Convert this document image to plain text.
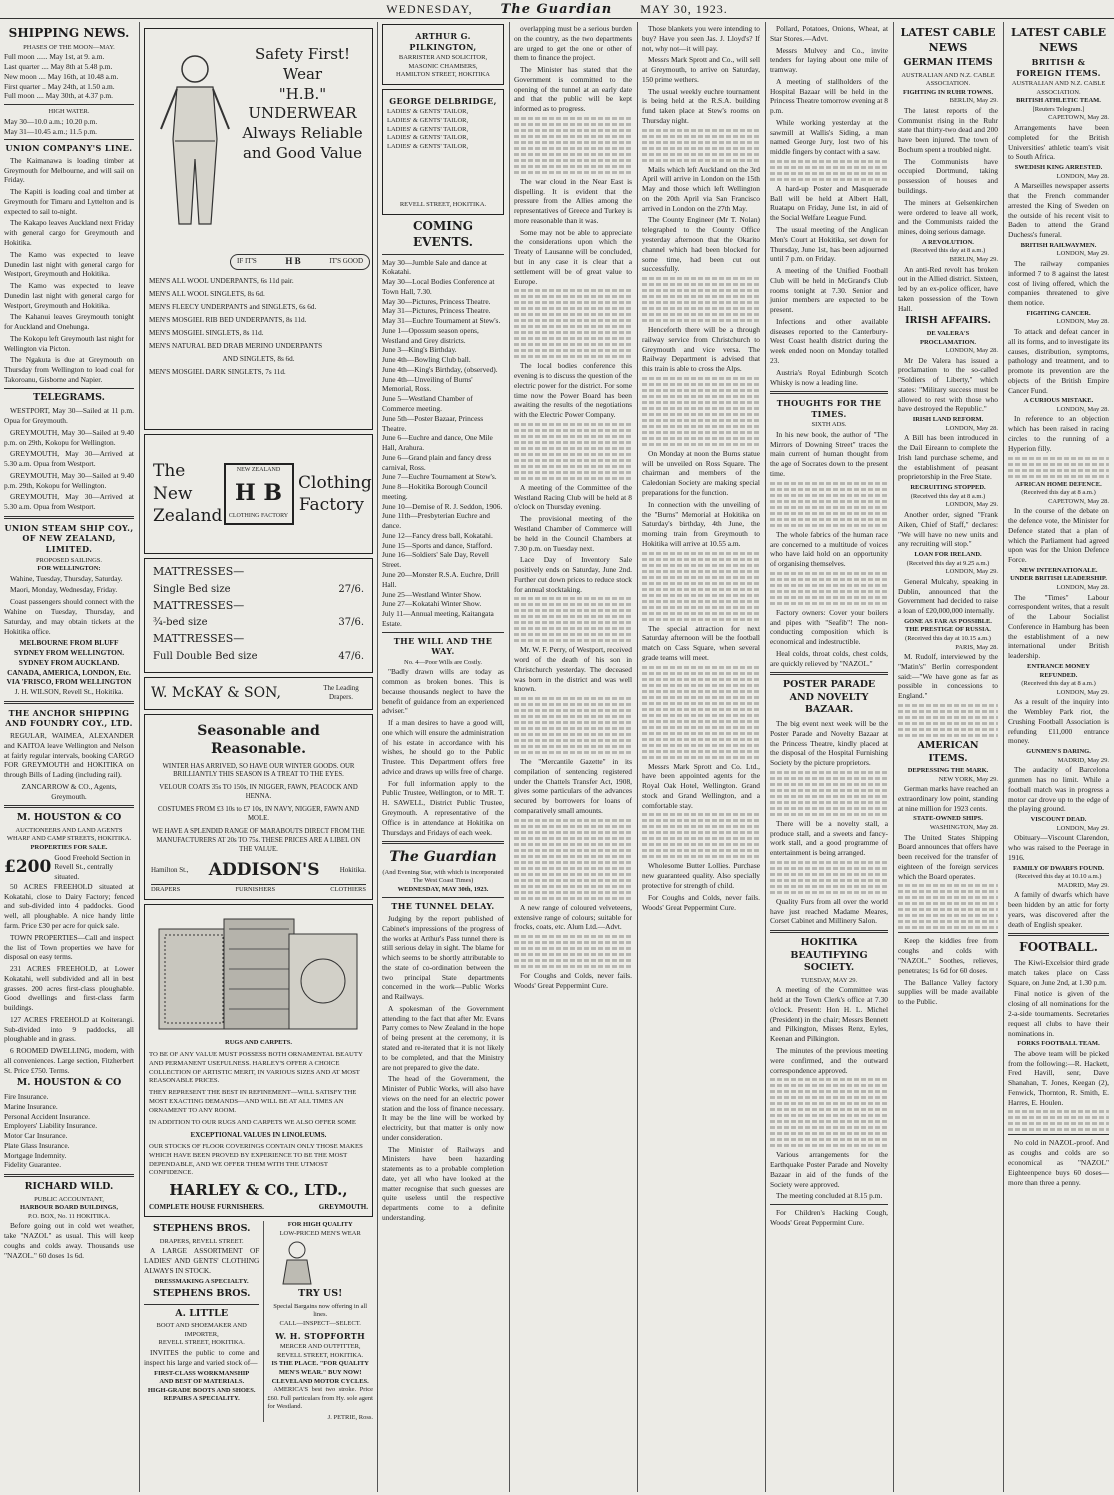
WEDNESDAY, The Guardian MAY 30, 1923.
SHIPPING NEWS.
PHASES OF THE MOON—MAY.
Full moon ...... May 1st, at 9. a.m.
Last quarter .... May 8th at 5.48 p.m.
New moon .... May 16th, at 10.48 a.m.
First quarter .. May 24th, at 1.50 a.m.
Full moon .... May 30th, at 4.37 p.m.
HIGH WATER.
May 30—10.0 a.m.; 10.20 p.m.
May 31—10.45 a.m.; 11.5 p.m.
UNION COMPANY'S LINE.

The Kaimanawa is loading timber at Greymouth for Melbourne, and will sail on Friday.

The Kapiti is loading coal and timber at Greymouth for Timaru and Lyttelton and is expected to sail to-night.

The Kakapo leaves Auckland next Friday with general cargo for Greymouth and Hokitika.

The Kamo was expected to leave Dunedin last night with general cargo for Westport, Greymouth and Hokitika.

The Kamo was expected to leave Dunedin last night with general cargo for Westport, Greymouth and Hokitika.

The Kahanui leaves Greymouth tonight for Auckland and Onehunga.

The Kokopu left Greymouth last night for Wellington via Picton.

The Ngakuta is due at Greymouth on Thursday from Wellington to load coal for Takoroanu, Gisborne and Napier.

TELEGRAMS.

WESTPORT, May 30—Sailed at 11 p.m. Opua for Greymouth.

GREYMOUTH, May 30—Sailed at 9.40 p.m. on 29th, Kokopu for Wellington.

GREYMOUTH, May 30—Arrived at 5.30 a.m. Opua from Westport.

GREYMOUTH, May 30—Sailed at 9.40 p.m. 29th, Kokopu for Wellington.

GREYMOUTH, May 30—Arrived at 5.30 a.m. Opua from Westport.

UNION STEAM SHIP COY., OF NEW ZEALAND, LIMITED.
PROPOSED SAILINGS.
FOR WELLINGTON:

Wahine, Tuesday, Thursday, Saturday.

Maori, Monday, Wednesday, Friday.

Coast passengers should connect with the Wahine on Tuesday, Thursday, and Saturday, and may obtain tickets at the Hokitika office.

MELBOURNE FROM BLUFF
SYDNEY FROM WELLINGTON.
SYDNEY FROM AUCKLAND.
CANADA, AMERICA, LONDON, Etc.
VIA 'FRISCO, FROM WELLINGTON
J. H. WILSON, Revell St., Hokitika.
THE ANCHOR SHIPPING AND FOUNDRY COY., LTD.

REGULAR, WAIMEA, ALEXANDER and KAITOA leave Wellington and Nelson at fairly regular intervals, booking CARGO FOR GREYMOUTH and HOKITIKA on through Bills of Lading (including rail).

ZANCARROW & CO., Agents, Greymouth.
M. HOUSTON & CO
AUCTIONEERS AND LAND AGENTS
WHARF AND CAMP STREETS, HOKITIKA.
PROPERTIES FOR SALE.
£200 Good Freehold Section in Revell St., centrally situated.

50 ACRES FREEHOLD situated at Kokatahi, close to Dairy Factory; fenced and sub-divided into 4 paddocks. Good well, all ploughable. A nice handy little farm. Price £30 per acre for quick sale.

TOWN PROPERTIES—Call and inspect the list of Town properties we have for disposal on easy terms.

231 ACRES FREEHOLD, at Lower Kokatahi, well subdivided and all in best grasses. 200 acres first-class ploughable. Good dwellings and first-class farm buildings.

127 ACRES FREEHOLD at Koiterangi. Sub-divided into 9 paddocks, all ploughable and in grass.

6 ROOMED DWELLING, modern, with all conveniences. Large section, Fitzherbert St. Price £750. Terms.

M. HOUSTON & CO
Fire Insurance.
Marine Insurance.
Personal Accident Insurance.
Employers' Liability Insurance.
Motor Car Insurance.
Plate Glass Insurance.
Mortgage Indemnity.
Fidelity Guarantee.
RICHARD WILD.
PUBLIC ACCOUNTANT,
HARBOUR BOARD BUILDINGS,
P.O. BOX, No. 11 HOKITIKA.

Before going out in cold wet weather, take "NAZOL" as usual. This will keep coughs and colds away. Thousands use "NAZOL." 60 doses 1s 6d.

Safety First!
Wear
"H.B." UNDERWEAR
Always Reliable
and Good Value
IF IT'S	H B	IT'S GOOD
MEN'S ALL WOOL UNDERPANTS, 6s 11d pair.
MEN'S ALL WOOL SINGLETS, 8s 6d.
MEN'S FLEECY UNDERPANTS and SINGLETS, 6s 6d.
MEN'S MOSGIEL RIB BED UNDERPANTS, 8s 11d.
MEN'S MOSGIEL SINGLETS, 8s 11d.
MEN'S NATURAL BED DRAB MERINO UNDERPANTS
AND SINGLETS, 8s 6d.
MEN'S MOSGIEL DARK SINGLETS, 7s 11d.
The New Zealand
NEW ZEALAND
H B
CLOTHING FACTORY
Clothing Factory
MATTRESSES—
Single Bed size	27/6.
MATTRESSES—
¾-bed size	37/6.
MATTRESSES—
Full Double Bed size	47/6.
W. McKAY & SON,	The Leading Drapers.
Seasonable and Reasonable.
WINTER HAS ARRIVED, SO HAVE OUR WINTER GOODS. OUR BRILLIANTLY THIS SEASON IS A TREAT TO THE EYES.
VELOUR COATS 35s TO 150s, IN NIGGER, FAWN, PEACOCK AND HENNA.
COSTUMES FROM £3 10s to £7 10s, IN NAVY, NIGGER, FAWN AND MOLE.
WE HAVE A SPLENDID RANGE OF MARABOUTS DIRECT FROM THE MANUFACTURERS AT 20s TO 75s. THESE PRICES ARE A LIBEL ON THE VALUE.
Hamilton St., ADDISON'S	Hokitika.
DRAPERS	FURNISHERS	CLOTHIERS
RUGS AND CARPETS.
TO BE OF ANY VALUE MUST POSSESS BOTH ORNAMENTAL BEAUTY AND PERMANENT USEFULNESS. HARLEY'S OFFER A CHOICE COLLECTION OF ARTISTIC MERIT, IN VARIOUS SIZES AND AT MOST REASONABLE PRICES.
THEY REPRESENT THE BEST IN REFINEMENT—WILL SATISFY THE MOST EXACTING DEMANDS—AND WILL BE AT ALL TIMES AN ORNAMENT TO ANY ROOM.
IN ADDITION TO OUR RUGS AND CARPETS WE ALSO OFFER SOME
EXCEPTIONAL VALUES IN LINOLEUMS.
OUR STOCKS OF FLOOR COVERINGS CONTAIN ONLY THOSE MAKES WHICH HAVE BEEN PROVED BY EXPERIENCE TO BE THE MOST DEPENDABLE, AND WE OFFER THEM WITH THE UTMOST CONFIDENCE.
HARLEY & CO., LTD.,
COMPLETE HOUSE FURNISHERS.	GREYMOUTH.
STEPHENS BROS.
DRAPERS, REVELL STREET.

A LARGE ASSORTMENT OF LADIES' AND GENTS' CLOTHING ALWAYS IN STOCK.

DRESSMAKING A SPECIALTY.
STEPHENS BROS.
A. LITTLE
BOOT AND SHOEMAKER AND IMPORTER,
REVELL STREET, HOKITIKA.

INVITES the public to come and inspect his large and varied stock of—

FIRST-CLASS WORKMANSHIP
AND BEST OF MATERIALS.
HIGH-GRADE BOOTS AND SHOES.
REPAIRS A SPECIALITY.
FOR HIGH QUALITY
LOW-PRICED MEN'S WEAR
TRY US!
Special Bargains now offering in all lines.
CALL—INSPECT—SELECT.
W. H. STOPFORTH
MERCER AND OUTFITTER, REVELL STREET, HOKITIKA.
IS THE PLACE. "FOR QUALITY MEN'S WEAR." BUY NOW!
CLEVELAND MOTOR CYCLES.

AMERICA'S best two stroke. Price £60. Full particulars from Hy. sole agent for Westland.

J. PETRIE, Ross.
ARTHUR G. PILKINGTON,
BARRISTER AND SOLICITOR,
MASONIC CHAMBERS,
HAMILTON STREET, HOKITIKA
GEORGE DELBRIDGE,
LADIES' & GENTS' TAILOR,
LADIES' & GENTS' TAILOR,
LADIES' & GENTS' TAILOR,
LADIES' & GENTS' TAILOR,
LADIES' & GENTS' TAILOR,
REVELL STREET, HOKITIKA.
COMING EVENTS.
May 30—Jumble Sale and dance at Kokatahi.
May 30—Local Bodies Conference at Town Hall, 7.30.
May 30—Pictures, Princess Theatre.
May 31—Pictures, Princess Theatre.
May 31—Euchre Tournament at Stew's.
June 1—Opossum season opens, Westland and Grey districts.
June 3—King's Birthday.
June 4th—Bowling Club ball.
June 4th—King's Birthday, (observed).
June 4th—Unveiling of Burns' Memorial, Ross.
June 5—Westland Chamber of Commerce meeting.
June 5th—Poster Bazaar, Princess Theatre.
June 6—Euchre and dance, One Mile Hall, Arahura.
June 6—Grand plain and fancy dress carnival, Ross.
June 7—Euchre Tournament at Stew's.
June 8—Hokitika Borough Council meeting.
June 10—Demise of R. J. Seddon, 1906.
June 11th—Presbyterian Euchre and dance.
June 12—Fancy dress ball, Kokatahi.
June 15—Sports and dance, Stafford.
June 16—Soldiers' Sale Day, Revell Street.
June 20—Monster R.S.A. Euchre, Drill Hall.
June 25—Westland Winter Show.
June 27—Kokatahi Winter Show.
July 11—Annual meeting, Kaitangata Estate.
THE WILL AND THE WAY.
No. 4—Poor Wills are Costly.

"Badly drawn wills are today as common as broken bones. This is because thousands neglect to have the benefit of guidance from an experienced adviser."

If a man desires to have a good will, one which will ensure the administration of his estate in accordance with his wishes, he should go to the Public Trustee. This Department offers free advice and draws up wills free of charge.

For full information apply to the Public Trustee, Wellington, or to MR. T. H. SAWELL, District Public Trustee, Greymouth. A representative of the Office is in attendance at Hokitika on Thursdays and Fridays of each week.

The Guardian
(And Evening Star, with which is incorporated The West Coast Times)
WEDNESDAY, MAY 30th, 1923.
THE TUNNEL DELAY.

Judging by the report published of Cabinet's impressions of the progress of the works at Arthur's Pass tunnel there is still serious delay in sight. The blame for which seems to be shortly attributable to the state of co-ordination between the two principal State departments concerned in the work—Public Works and Railways.

A spokesman of the Government attending to the fact that after Mr. Evans Parry comes to New Zealand in the hope of being present at the ceremony, it is stated and re-iterated that it is not likely to be completed, and that the Ministry are not prepared to give the date.

The head of the Government, the Minister of Public Works, will also have views on the need for an electric power station and the loss of finance necessary. It may be the line will be worked by electricity, but that matter is only now under consideration.

The Minister of Railways and Ministers have been hazarding statements as to a probable completion date, yet all who have looked at the matter recognise that such guesses are quite useless until the respective departments come to a definite understanding.

overlapping must be a serious burden on the country, as the two departments are urged to get the one or other of them to finance the project.

The Minister has stated that the Government is committed to the opening of the tunnel at an early date and that the public will be kept informed as to progress.

The war cloud in the Near East is dispelling. It is evident that the pressure from the Allies among the representatives of Greece and Turkey is more reasonable than it was.

Some may not be able to appreciate the considerations upon which the Treaty of Lausanne will be concluded, but in any case it is clear that a settlement will be of great value to Europe.

The local bodies conference this evening is to discuss the question of the electric power for the district. For some time now the Power Board has been awaiting the results of the negotiations with the Electric Power Company.

A meeting of the Committee of the Westland Racing Club will be held at 8 o'clock on Thursday evening.

The provisional meeting of the Westland Chamber of Commerce will be held in the Council Chambers at 7.30 p.m. on Tuesday next.

Lace Day of Inventory Sale positively ends on Saturday, June 2nd. Further cut down prices to reduce stock for annual stocktaking.

Mr. W. F. Perry, of Westport, received word of the death of his son in Christchurch yesterday. The deceased was born in the district and was well known.

The "Mercantile Gazette" in its compilation of sentencing registered under the Chattels Transfer Act, 1908, gives some particulars of the advances secured by borrowers for loans of comparatively small amounts.

A new range of coloured velveteens, extensive range of colours; suitable for frocks, coats, etc. Alum Ltd.—Advt.

For Coughs and Colds, never fails. Woods' Great Peppermint Cure.

Those blankets you were intending to buy? Have you seen Jas. J. Lloyd's? If not, why not—it will pay.

Messrs Mark Sprott and Co., will sell at Greymouth, to arrive on Saturday, 150 prime wethers.

The usual weekly euchre tournament is being held at the R.S.A. building fund taken place at Stew's rooms on Thursday night.

Mails which left Auckland on the 3rd April will arrive in London on the 15th May and those which left Wellington on the 20th April via San Francisco arrived in London on the 27th May.

The County Engineer (Mr T. Nolan) telegraphed to the County Office yesterday afternoon that the Okarito channel which had been blocked for some time, had been cut out successfully.

Henceforth there will be a through railway service from Christchurch to Greymouth and vice versa. The Railway Department is advised that this train is able to cross the Alps.

On Monday at noon the Burns statue will be unveiled on Ross Square. The chairman and members of the Caledonian Society are making special preparations for the function.

In connection with the unveiling of the "Burns" Memorial at Hokitika on Saturday's birthday, 4th June, the morning train from Greymouth to Hokitika will arrive at 10.55 a.m.

The special attraction for next Saturday afternoon will be the football match on Cass Square, when several grade teams will meet.

Messrs Mark Sprott and Co. Ltd., have been appointed agents for the Royal Oak Hotel, Wellington. Grand stock and Grand Wellington, and a comfortable stay.

Wholesome Butter Lollies. Purchase new guaranteed quality. Also specially protective for strength of child.

For Coughs and Colds, never fails. Woods' Great Peppermint Cure.

Pollard, Potatoes, Onions, Wheat, at Star Stores.—Advt.

Messrs Mulvey and Co., invite tenders for laying about one mile of tramway.

A meeting of stallholders of the Hospital Bazaar will be held in the Princess Theatre tomorrow evening at 8 p.m.

While working yesterday at the sawmill at Wallis's Siding, a man named George Jury, lost two of his middle fingers by contact with a saw.

A hard-up Poster and Masquerade Ball will be held at Albert Hall, Ruatapu on Friday, June 1st, in aid of the Social Welfare League Fund.

The usual meeting of the Anglican Men's Court at Hokitika, set down for Thursday, June 1st, has been adjourned until 7 p.m. on Friday.

A meeting of the Unified Football Club will be held in McGrand's Club rooms tonight at 7.30. Senior and junior members are expected to be present.

Infections and other available diseases reported to the Canterbury-West Coast health district during the week ended noon on Monday totalled 23.

Austria's Royal Edinburgh Scotch Whisky is now a leading line.

THOUGHTS FOR THE TIMES.
SIXTH ADS.

In his new book, the author of "The Mirrors of Downing Street" traces the main current of human thought from the age of Socrates down to the present time.

The whole fabrics of the human race are concerned to a multitude of voices who have laid hold on an opportunity of organising themselves.

Factory owners: Cover your boilers and pipes with "Seafib"! The non-conducting composition which is economical and indestructible.

Heal colds, throat colds, chest colds, are quickly relieved by "NAZOL."

POSTER PARADE AND NOVELTY BAZAAR.

The big event next week will be the Poster Parade and Novelty Bazaar at the Princess Theatre, kindly placed at the disposal of the Hospital Furnishing Society by the picture proprietors.

There will be a novelty stall, a produce stall, and a sweets and fancy-work stall, and a good programme of entertainment is being arranged.

Quality Furs from all over the world have just reached Madame Meares, Corset Cabinet and Millinery Salon.

HOKITIKA BEAUTIFYING SOCIETY.
TUESDAY, MAY 29.

A meeting of the Committee was held at the Town Clerk's office at 7.30 o'clock. Present: Hon H. L. Michel (President) in the chair; Messrs Bennett and Pilkington, Misses Renz, Eyles, Keenan and Pilkington.

The minutes of the previous meeting were confirmed, and the outward correspondence approved.

Various arrangements for the Earthquake Poster Parade and Novelty Bazaar in aid of the funds of the Society were approved.

The meeting concluded at 8.15 p.m.

For Children's Hacking Cough, Woods' Great Peppermint Cure.

LATEST CABLE NEWS
GERMAN ITEMS
AUSTRALIAN AND N.Z. CABLE ASSOCIATION.
FIGHTING IN RUHR TOWNS.
BERLIN, May 29.

The latest reports of the Communist rising in the Ruhr state that thirty-two dead and 200 have been injured. The town of Bochum spent a troubled night.

The Communists have occupied Dortmund, taking possession of houses and buildings.

The miners at Gelsenkirchen were ordered to leave all work, and the Communists raided the mines, doing serious damage.

A REVOLUTION.
(Received this day at 8 a.m.)
BERLIN, May 29.

An anti-Red revolt has broken out in the Allied district. Sixteen, led by an ex-police officer, have taken possession of the Town Hall.

IRISH AFFAIRS.
DE VALERA'S PROCLAMATION.
LONDON, May 28.

Mr De Valera has issued a proclamation to the so-called "Soldiers of Liberty," which states: "Military success must be allowed to rest with those who have destroyed the Republic."

IRISH LAND REFORM.
LONDON, May 28.

A Bill has been introduced in the Dail Eireann to complete the Irish land purchase scheme, and the establishment of peasant proprietorship in the Free State.

RECRUITING STOPPED.
(Received this day at 8 a.m.)
LONDON, May 29.

Another order, signed "Frank Aiken, Chief of Staff," declares: "We will have no new units and any recruiting will stop."

LOAN FOR IRELAND.
(Received this day at 9.25 a.m.)
LONDON, May 29.

General Mulcahy, speaking in Dublin, announced that the Government had decided to raise a loan of £20,000,000 internally.

GONE AS FAR AS POSSIBLE.
THE PRESTIGE OF RUSSIA.
(Received this day at 10.15 a.m.)
PARIS, May 28.

M. Rudolf, interviewed by the "Matin's" Berlin correspondent said:—"We have gone as far as possible in concessions to England."

AMERICAN ITEMS.
DEPRESSING THE MARK.
NEW YORK, May 29.

German marks have reached an extraordinary low point, standing at nine million for 1923 cents.

STATE-OWNED SHIPS.
WASHINGTON, May 28.

The United States Shipping Board announces that offers have been received for the transfer of eighteen of the foreign services which the Board operates.

Keep the kiddies free from coughs and colds with "NAZOL." Soothes, relieves, penetrates; 1s 6d for 60 doses.

The Ballance Valley factory supplies will be made available to the Public.

LATEST CABLE NEWS
BRITISH & FOREIGN ITEMS.
AUSTRALIAN AND N.Z. CABLE ASSOCIATION.
BRITISH ATHLETIC TEAM.
[Reuters Telegram.]
CAPETOWN, May 28.

Arrangements have been completed for the British Universities' athletic team's visit to South Africa.

SWEDISH KING ARRESTED.
LONDON, May 28.

A Marseilles newspaper asserts that the French commander arrested the King of Sweden on the outside of his recent visit to Baden to attend the Grand Duchess's funeral.

BRITISH RAILWAYMEN.
LONDON, May 29.

The railway companies informed 7 to 8 against the latest cost of living offered, which the companies threatened to give them notice.

FIGHTING CANCER.
LONDON, May 28.

To attack and defeat cancer in all its forms, and to investigate its causes, distribution, symptoms, pathology and treatment, and to promote its prevention are the objects of the British Empire Cancer Fund.

A CURIOUS MISTAKE.
LONDON, May 28.

In reference to an objection which has been raised in racing circles to the running of a Hyperion filly.

AFRICAN HOME DEFENCE.
(Received this day at 8 a.m.)
CAPETOWN, May 28.

In the course of the debate on the defence vote, the Minister for Defence stated that a plan of which the Parliament had agreed upon was for the Union Defence Force.

NEW INTERNATIONALE.
UNDER BRITISH LEADERSHIP.
LONDON, May 28.

The "Times" Labour correspondent writes, that a result of the Labour Socialist Conference in Hamburg has been the establishment of a new international under British leadership.

ENTRANCE MONEY REFUNDED.
(Received this day at 8 a.m.)
LONDON, May 29.

As a result of the inquiry into the Wembley Park riot, the Crushing Football Association is refunding £11,000 entrance money.

GUNMEN'S DARING.
MADRID, May 29.

The audacity of Barcelona gunmen has no limit. While a football match was in progress a motor car drove up to the edge of the playing ground.

VISCOUNT DEAD.
LONDON, May 29.

Obituary—Viscount Clarendon, who was raised to the Peerage in 1916.

FAMILY OF DWARFS FOUND.
(Received this day at 10.10 a.m.)
MADRID, May 29.

A family of dwarfs which have been hidden by an attic for forty years, was discovered after the death of English speaker.

FOOTBALL.

The Kiwi-Excelsior third grade match takes place on Cass Square, on June 2nd, at 1.30 p.m.

Final notice is given of the closing of all nominations for the 2-a-side tournaments. Secretaries request all clubs to have their nominations in.

FORKS FOOTBALL TEAM.

The above team will be picked from the following:—R. Hackett, Fred Havill, senr, Dave Shanahan, T. Jones, Keegan (2), Fenwick, Thornton, R. Smith, E. Harres, E. Houlen.

No cold in NAZOL-proof. And as coughs and colds are so economical as "NAZOL" Eighteenpence buys 60 doses—more than three a penny.
